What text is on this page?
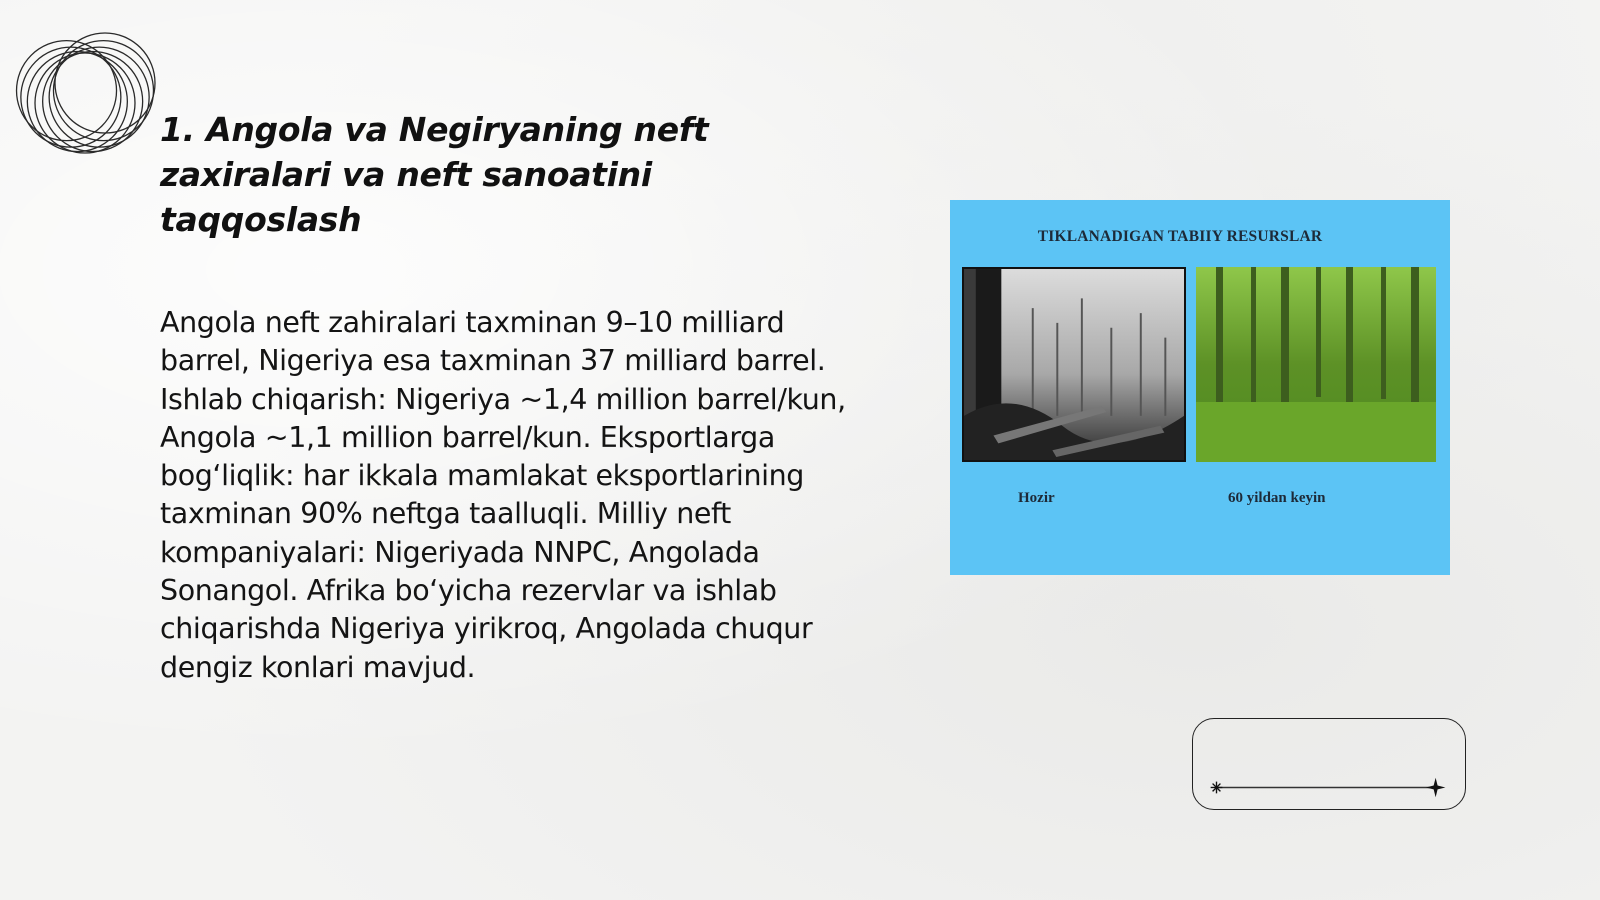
1. Angola va Negiryaning neft zaxiralari va neft sanoatini taqqoslash
Angola neft zahiralari taxminan 9–10 milliard barrel, Nigeriya esa taxminan 37 milliard barrel. Ishlab chiqarish: Nigeriya ~1,4 million barrel/kun, Angola ~1,1 million barrel/kun. Eksportlarga bog‘liqlik: har ikkala mamlakat eksportlarining taxminan 90% neftga taalluqli. Milliy neft kompaniyalari: Nigeriyada NNPC, Angolada Sonangol. Afrika bo‘yicha rezervlar va ishlab chiqarishda Nigeriya yirikroq, Angolada chuqur dengiz konlari mavjud.
TIKLANADIGAN TABIIY RESURSLAR
Hozir	60 yildan keyin
